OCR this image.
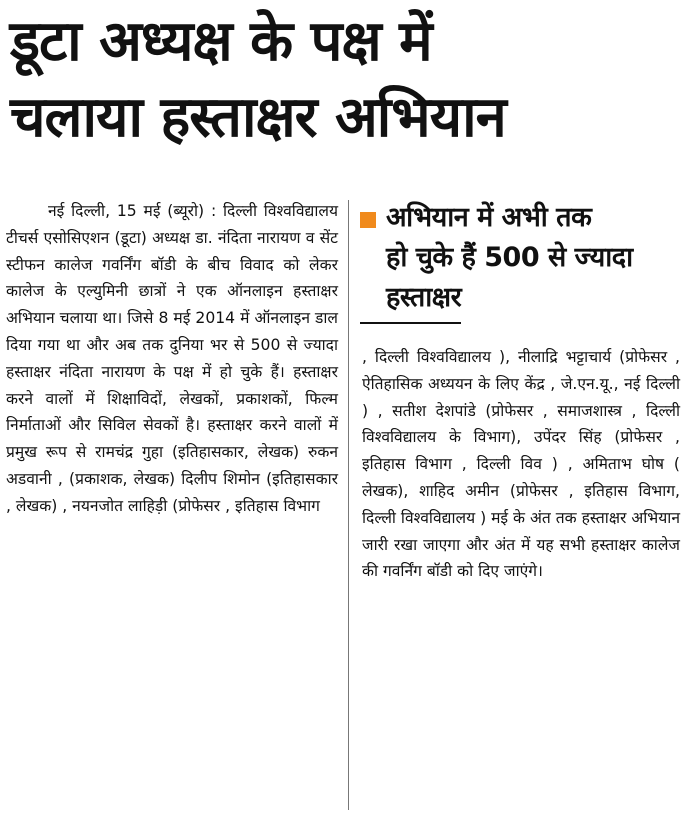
डूटा अध्यक्ष के पक्ष में
चलाया हस्ताक्षर अभियान
नई दिल्ली, 15 मई (ब्यूरो) : दिल्ली विश्वविद्यालय टीचर्स एसोसिएशन (डूटा) अध्यक्ष डा. नंदिता नारायण व सेंट स्टीफन कालेज गवर्निंग बॉडी के बीच विवाद को लेकर कालेज के एल्युमिनी छात्रों ने एक ऑनलाइन हस्ताक्षर अभियान चलाया था। जिसे 8 मई 2014 में ऑनलाइन डाल दिया गया था और अब तक दुनिया भर से 500 से ज्यादा हस्ताक्षर नंदिता नारायण के पक्ष में हो चुके हैं। हस्ताक्षर करने वालों में शिक्षाविदों, लेखकों, प्रकाशकों, फिल्म निर्माताओं और सिविल सेवकों है। हस्ताक्षर करने वालों में प्रमुख रूप से रामचंद्र गुहा (इतिहासकार, लेखक) रुकन अडवानी , (प्रकाशक, लेखक) दिलीप शिमोन (इतिहासकार , लेखक) , नयनजोत लाहिड़ी (प्रोफेसर , इतिहास विभाग
अभियान में अभी तक
हो चुके हैं 500 से ज्यादा
हस्ताक्षर
, दिल्ली विश्वविद्यालय ), नीलाद्रि भट्टाचार्य (प्रोफेसर , ऐतिहासिक अध्ययन के लिए केंद्र , जे.एन.यू., नई दिल्ली ) , सतीश देशपांडे (प्रोफेसर , समाजशास्त्र , दिल्ली विश्वविद्यालय के विभाग), उपेंदर सिंह (प्रोफेसर , इतिहास विभाग , दिल्ली विव ) , अमिताभ घोष ( लेखक), शाहिद अमीन (प्रोफेसर , इतिहास विभाग, दिल्ली विश्वविद्यालय ) मई के अंत तक हस्ताक्षर अभियान जारी रखा जाएगा और अंत में यह सभी हस्ताक्षर कालेज की गवर्निंग बॉडी को दिए जाएंगे।
